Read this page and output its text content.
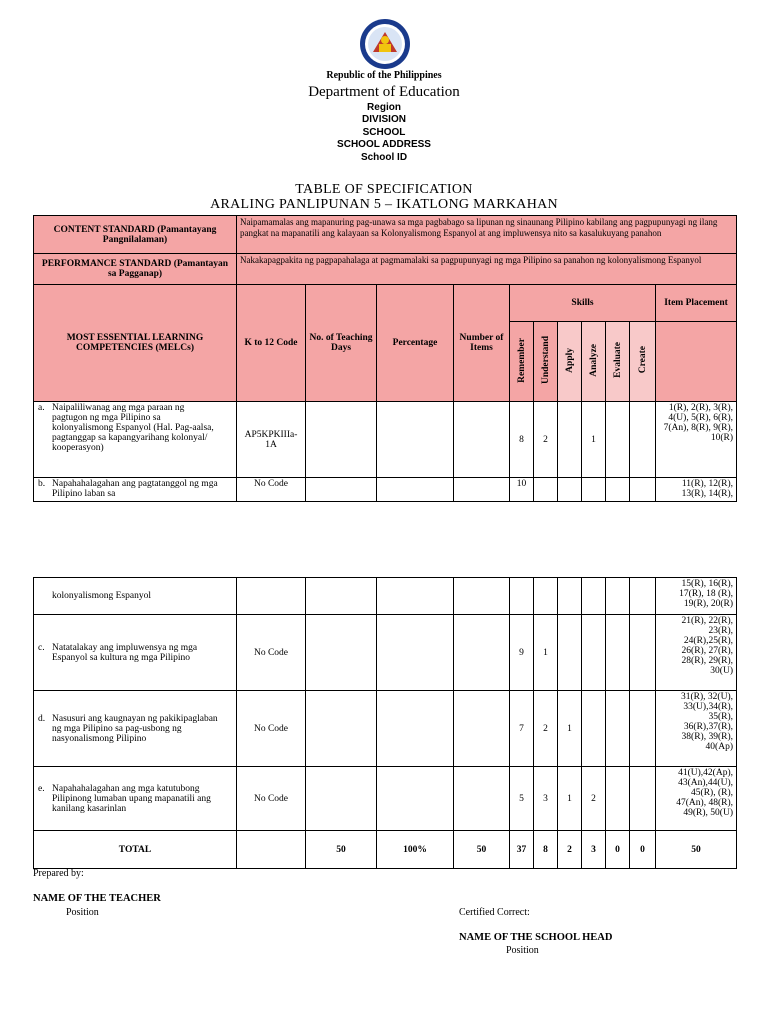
Republic of the Philippines
Department of Education
Region
DIVISION
SCHOOL
SCHOOL ADDRESS
School ID
TABLE OF SPECIFICATION
ARALING PANLIPUNAN 5 – IKATLONG MARKAHAN
CONTENT STANDARD (Pamantayang Pangnilalaman)	Naipamamalas ang mapanuring pag-unawa sa mga pagbabago sa lipunan ng sinaunang Pilipino kabilang ang pagpupunyagi ng ilang pangkat na mapanatili ang kalayaan sa Kolonyalismong Espanyol at ang impluwensya nito sa kasalukuyang panahon										
PERFORMANCE STANDARD (Pamantayan sa Pagganap)	Nakakapagpakita ng pagpapahalaga at pagmamalaki sa pagpupunyagi ng mga Pilipino sa panahon ng kolonyalismong Espanyol										
MOST ESSENTIAL LEARNING COMPETENCIES (MELCs)	K to 12 Code	No. of Teaching Days	Percentage	Number of Items	Skills						Item Placement
					Remember	Understand	Apply	Analyze	Evaluate	Create	
a. Naipaliliwanag ang mga paraan ng pagtugon ng mga Pilipino sa kolonyalismong Espanyol (Hal. Pag-aalsa, pagtanggap sa kapangyarihang kolonyal/ kooperasyon)	AP5KPKIIIa-1A				8	2		1			1(R), 2(R), 3(R), 4(U), 5(R), 6(R), 7(An), 8(R), 9(R), 10(R)
b. Napahahalagahan ang pagtatanggol ng mga Pilipino laban sa	No Code				10						11(R), 12(R), 13(R), 14(R),
kolonyalismong Espanyol											15(R), 16(R), 17(R), 18 (R), 19(R), 20(R)
c. Natatalakay ang impluwensya ng mga Espanyol sa kultura ng mga Pilipino	No Code				9	1					21(R), 22(R), 23(R), 24(R),25(R), 26(R), 27(R), 28(R), 29(R), 30(U)
d. Nasusuri ang kaugnayan ng pakikipaglaban ng mga Pilipino sa pag-usbong ng nasyonalismong Pilipino	No Code				7	2	1				31(R), 32(U), 33(U),34(R), 35(R), 36(R),37(R), 38(R), 39(R), 40(Ap)
e. Napahahalagahan ang mga katutubong Pilipinong lumaban upang mapanatili ang kanilang kasarinlan	No Code				5	3	1	2			41(U),42(Ap), 43(An),44(U), 45(R), (R), 47(An), 48(R), 49(R), 50(U)
TOTAL		50	100%	50	37	8	2	3	0	0	50
Prepared by:
NAME OF THE TEACHER
Position	Certified Correct:
NAME OF THE SCHOOL HEAD
Position
